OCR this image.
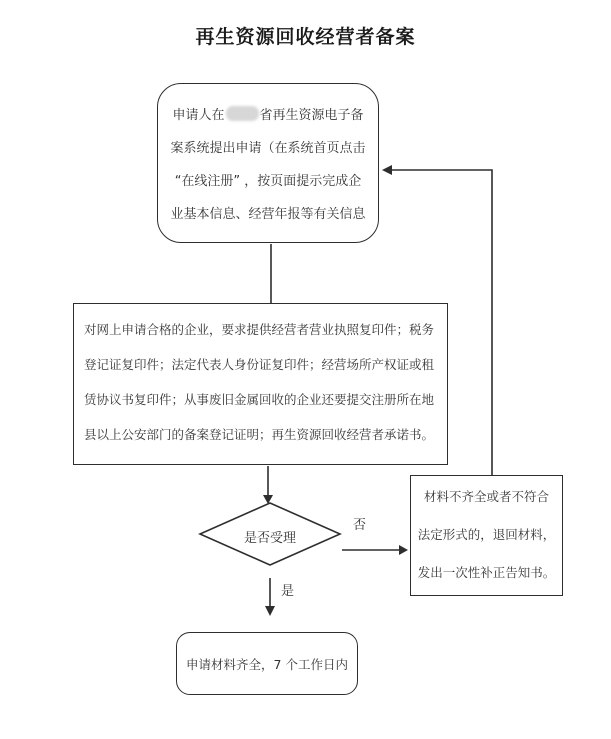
再生资源回收经营者备案
申请人在	省再生资源电子备
案系统提出申请（在系统首页点击
“在线注册” ，按页面提示完成企
业基本信息、经营年报等有关信息
对网上申请合格的企业，要求提供经营者营业执照复印件；税务
登记证复印件；法定代表人身份证复印件；经营场所产权证或租
赁协议书复印件；从事废旧金属回收的企业还要提交注册所在地
县以上公安部门的备案登记证明；再生资源回收经营者承诺书。
是否受理
否
是
材料不齐全或者不符合
法定形式的，退回材料，
发出一次性补正告知书。
申请材料齐全，7 个工作日内
